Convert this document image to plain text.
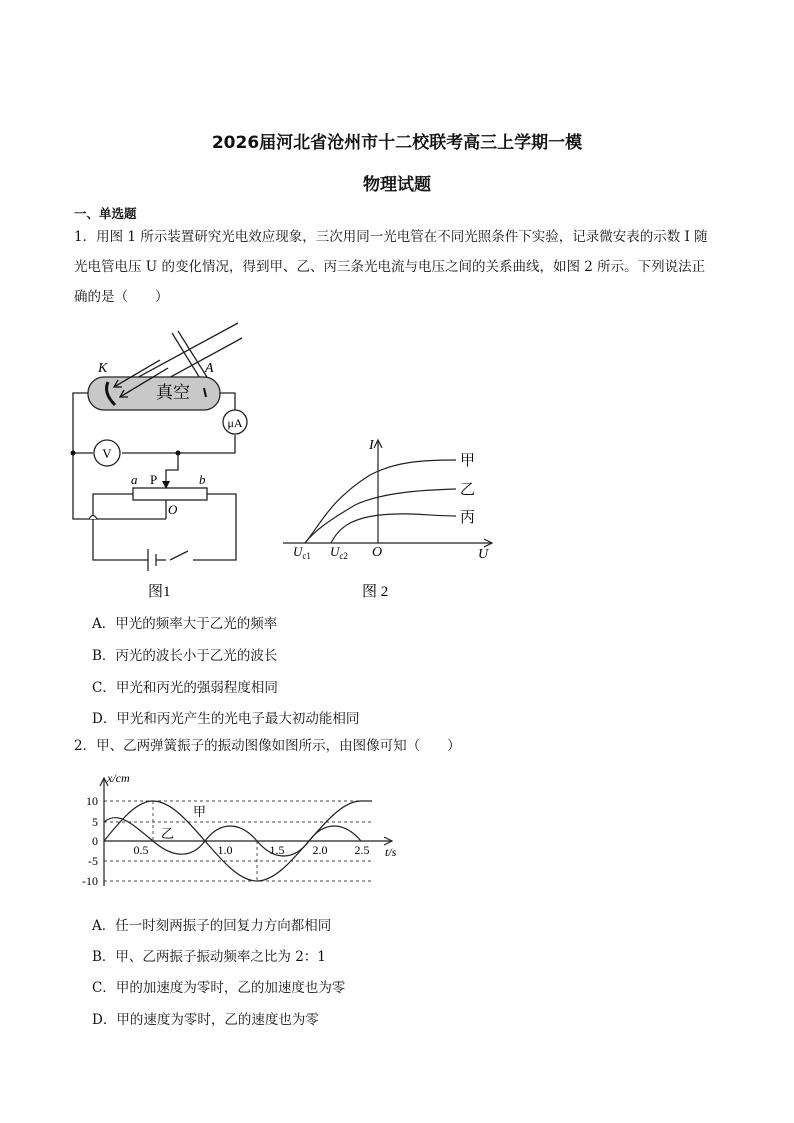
2026届河北省沧州市十二校联考高三上学期一模
物理试题
一、单选题
1．用图 1 所示装置研究光电效应现象，三次用同一光电管在不同光照条件下实验，记录微安表的示数 I 随
光电管电压 U 的变化情况，得到甲、乙、丙三条光电流与电压之间的关系曲线，如图 2 所示。下列说法正
确的是（　　）
K	A
真空
μA
V
a P	b
O
图1
I
U
O
$U_{c1}$ $U_{c2}$
甲
乙
丙
图 2
A．甲光的频率大于乙光的频率
B．丙光的波长小于乙光的波长
C．甲光和丙光的强弱程度相同
D．甲光和丙光产生的光电子最大初动能相同
2．甲、乙两弹簧振子的振动图像如图所示，由图像可知（　　）
x/cm
t/s
10
5
0
-5
-10
0.5	1.0	1.5 2.0 2.5
甲
乙
A．任一时刻两振子的回复力方向都相同
B．甲、乙两振子振动频率之比为 2：1
C．甲的加速度为零时，乙的加速度也为零
D．甲的速度为零时，乙的速度也为零
